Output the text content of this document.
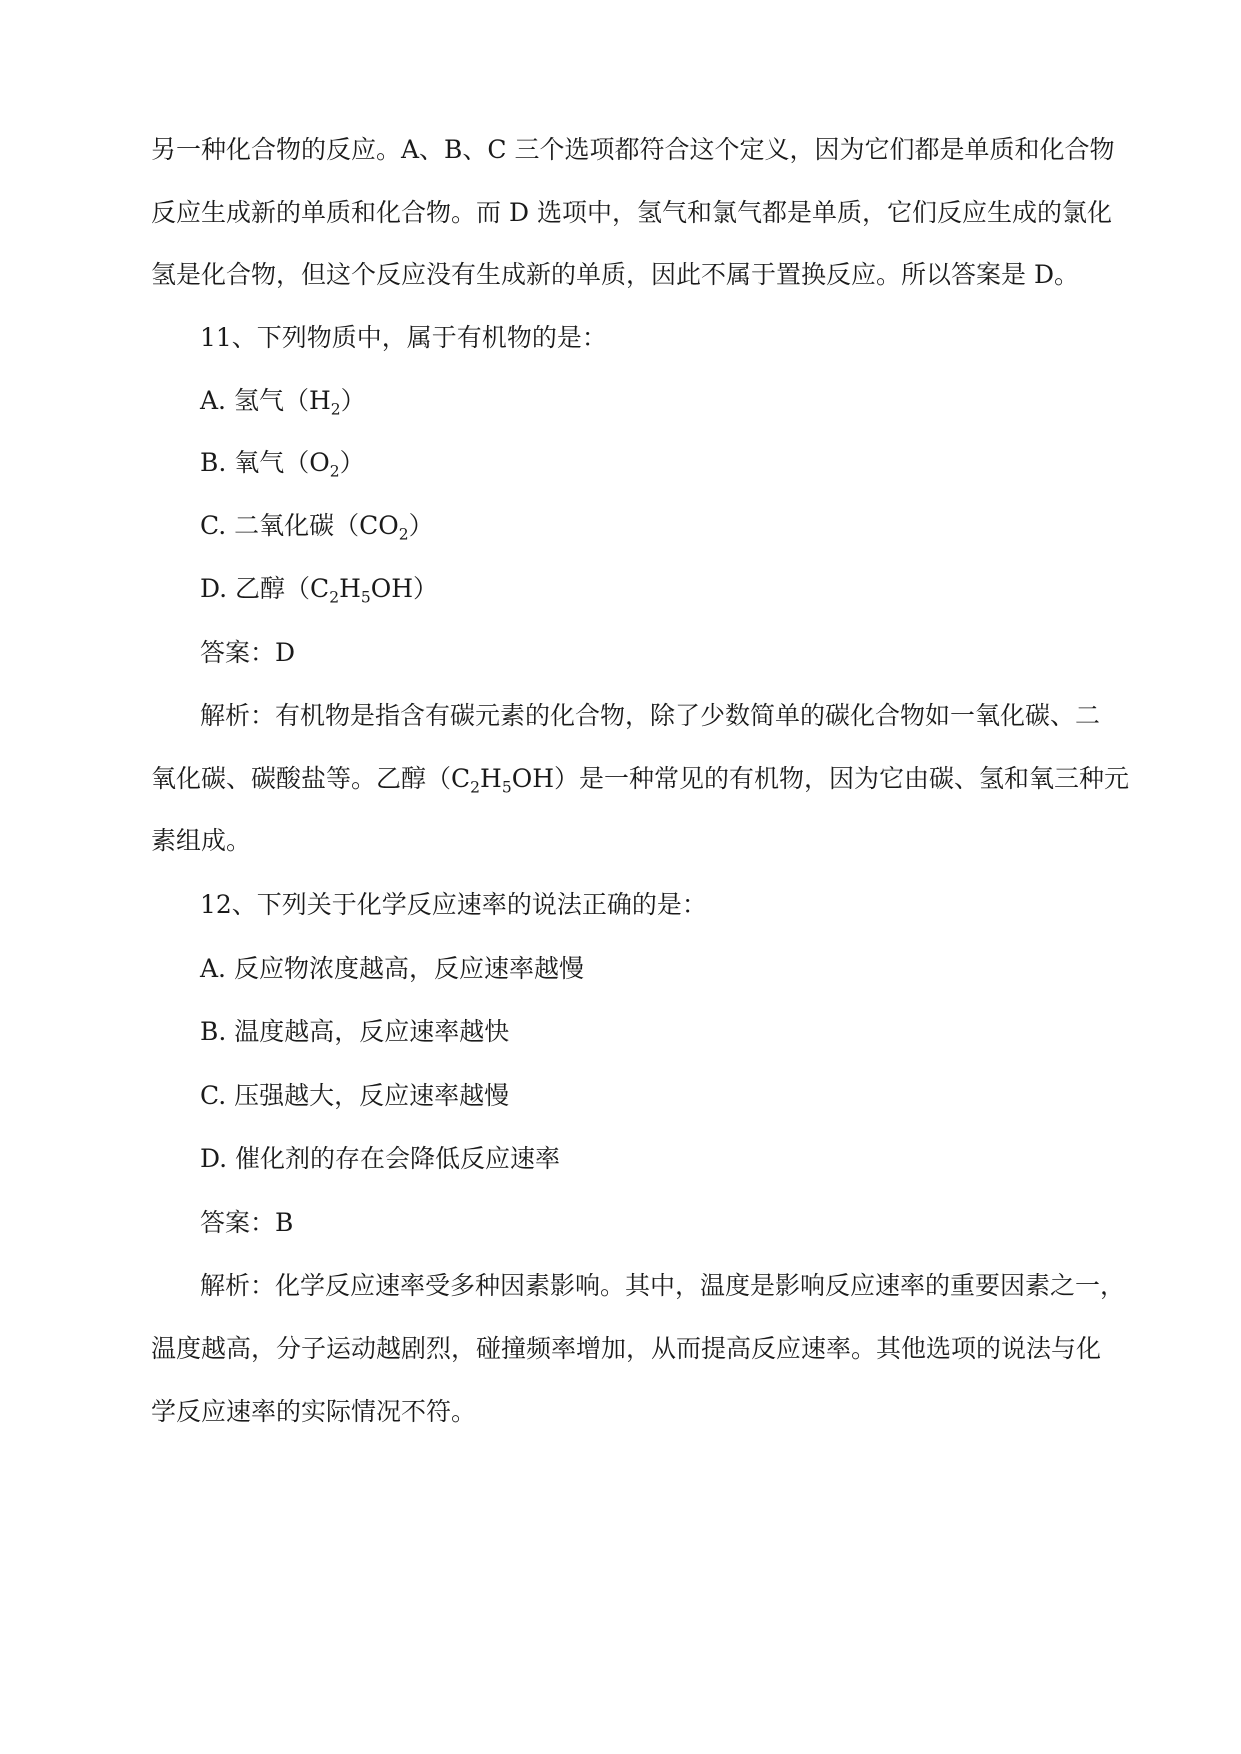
另一种化合物的反应。A、B、C 三个选项都符合这个定义，因为它们都是单质和化合物
反应生成新的单质和化合物。而 D 选项中，氢气和氯气都是单质，它们反应生成的氯化
氢是化合物，但这个反应没有生成新的单质，因此不属于置换反应。所以答案是 D。
11、下列物质中，属于有机物的是：
A. 氢气$(H_2)$
B. 氧气$(O_2)$
C. 二氧化碳$(CO_2)$
D. 乙醇$(C_2H_5OH)$
答案：D
解析：有机物是指含有碳元素的化合物，除了少数简单的碳化合物如一氧化碳、二
氧化碳、碳酸盐等。乙醇$(C_2H_5OH)$是一种常见的有机物，因为它由碳、氢和氧三种元
素组成。
12、下列关于化学反应速率的说法正确的是：
A. 反应物浓度越高，反应速率越慢
B. 温度越高，反应速率越快
C. 压强越大，反应速率越慢
D. 催化剂的存在会降低反应速率
答案：B
解析：化学反应速率受多种因素影响。其中，温度是影响反应速率的重要因素之一，
温度越高，分子运动越剧烈，碰撞频率增加，从而提高反应速率。其他选项的说法与化
学反应速率的实际情况不符。
